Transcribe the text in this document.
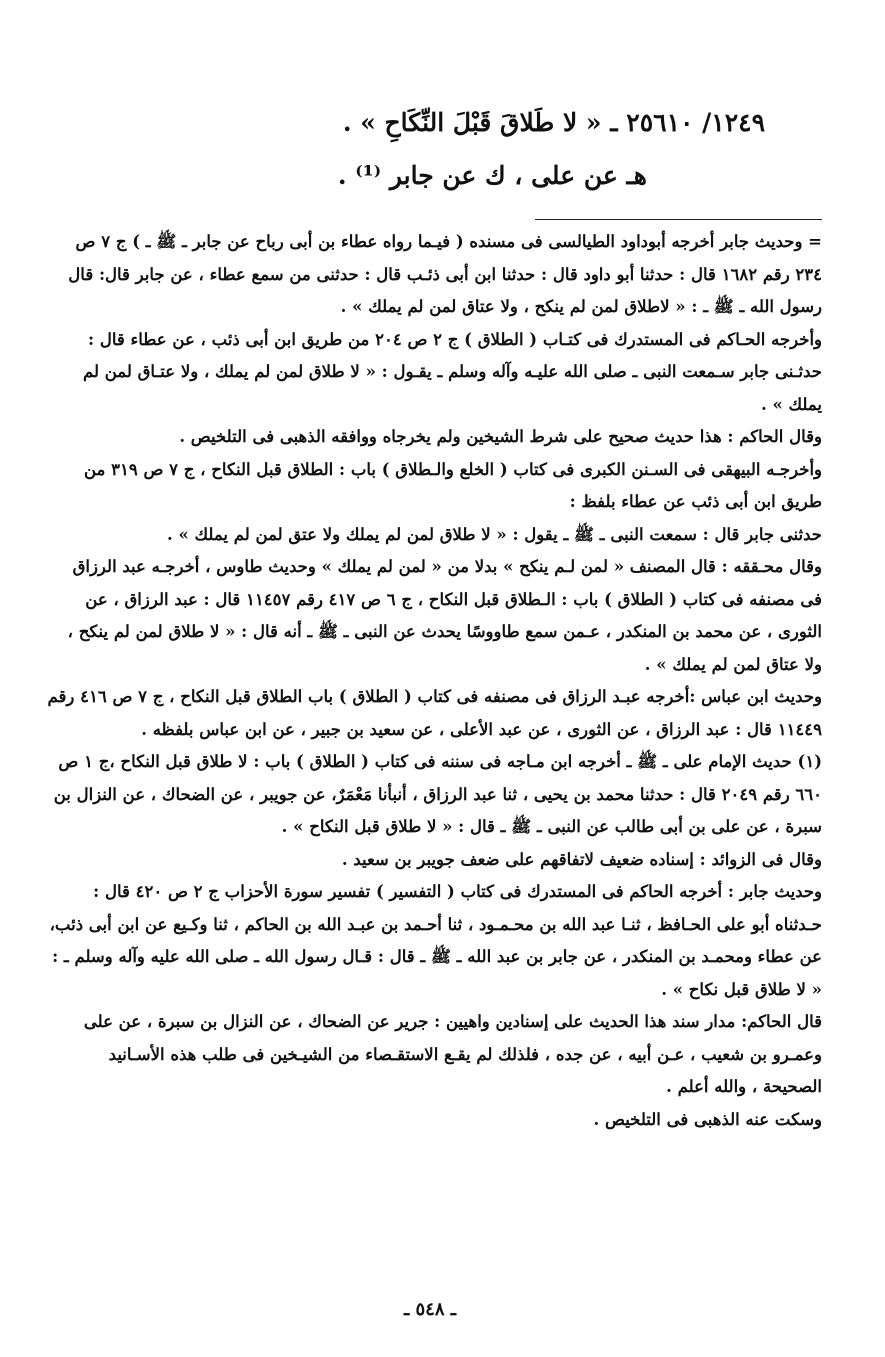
١٢٤٩/ ٢٥٦١٠ ـ « لا طَلاقَ قَبْلَ النِّكَاحِ » .
هـ عن على ، ك عن جابر ⁽¹⁾ .

= وحديث جابر أخرجه أبوداود الطيالسى فى مسنده ( فيـما رواه عطاء بن أبى رباح عن جابر ـ ﷺ ـ ) ج ٧ ص ٢٣٤ رقم ١٦٨٢ قال : حدثنا أبو داود قال : حدثنا ابن أبى ذئـب قال : حدثنى من سمع عطاء ، عن جابر قال: قال رسول الله ـ ﷺ ـ : « لاطلاق لمن لم ينكح ، ولا عتاق لمن لم يملك » .

وأخرجه الحـاكم فى المستدرك فى كتـاب ( الطلاق ) ج ٢ ص ٢٠٤ من طريق ابن أبى ذئب ، عن عطاء قال : حدثـنى جابر سـمعت النبى ـ صلى الله عليـه وآله وسلم ـ يقـول : « لا طلاق لمن لم يملك ، ولا عتـاق لمن لم يملك » .

وقال الحاكم : هذا حديث صحيح على شرط الشيخين ولم يخرجاه ووافقه الذهبى فى التلخيص .

وأخرجـه البيهقى فى السـنن الكبرى فى كتاب ( الخلع والـطلاق ) باب : الطلاق قبل النكاح ، ج ٧ ص ٣١٩ من طريق ابن أبى ذئب عن عطاء بلفظ :

حدثنى جابر قال : سمعت النبى ـ ﷺ ـ يقول : « لا طلاق لمن لم يملك ولا عتق لمن لم يملك » .

وقال محـققه : قال المصنف « لمن لـم ينكح » بدلا من « لمن لم يملك » وحديث طاوس ، أخرجـه عبد الرزاق فى مصنفه فى كتاب ( الطلاق ) باب : الـطلاق قبل النكاح ، ج ٦ ص ٤١٧ رقم ١١٤٥٧ قال : عبد الرزاق ، عن الثورى ، عن محمد بن المنكدر ، عـمن سمع طاووسًا يحدث عن النبى ـ ﷺ ـ أنه قال : « لا طلاق لمن لم ينكح ، ولا عتاق لمن لم يملك » .

وحديث ابن عباس :أخرجه عبـد الرزاق فى مصنفه فى كتاب ( الطلاق ) باب الطلاق قبل النكاح ، ج ٧ ص ٤١٦ رقم ١١٤٤٩ قال : عبد الرزاق ، عن الثورى ، عن عبد الأعلى ، عن سعيد بن جبير ، عن ابن عباس بلفظه .

(١) حديث الإمام على ـ ﷺ ـ أخرجه ابن مـاجه فى سننه فى كتاب ( الطلاق ) باب : لا طلاق قبل النكاح ،ج ١ ص ٦٦٠ رقم ٢٠٤٩ قال : حدثنا محمد بن يحيى ، ثنا عبد الرزاق ، أنبأنا مَعْمَرٌ، عن جويبر ، عن الضحاك ، عن النزال بن سبرة ، عن على بن أبى طالب عن النبى ـ ﷺ ـ قال : « لا طلاق قبل النكاح » .

وقال فى الزوائد : إسناده ضعيف لاتفاقهم على ضعف جويبر بن سعيد .

وحديث جابر : أخرجه الحاكم فى المستدرك فى كتاب ( التفسير ) تفسير سورة الأحزاب ج ٢ ص ٤٢٠ قال : حـدثناه أبو على الحـافظ ، ثنـا عبد الله بن محـمـود ، ثنا أحـمد بن عبـد الله بن الحاكم ، ثنا وكـيع عن ابن أبى ذئب، عن عطاء ومحمـد بن المنكدر ، عن جابر بن عبد الله ـ ﷺ ـ قال : قـال رسول الله ـ صلى الله عليه وآله وسلم ـ : « لا طلاق قبل نكاح » .

قال الحاكم: مدار سند هذا الحديث على إسنادين واهيين : جرير عن الضحاك ، عن النزال بن سبرة ، عن على وعمـرو بن شعيب ، عـن أبيه ، عن جده ، فلذلك لم يقـع الاستقـصاء من الشيـخين فى طلب هذه الأسـانيد الصحيحة ، والله أعلم .

وسكت عنه الذهبى فى التلخيص .

ـ ٥٤٨ ـ
